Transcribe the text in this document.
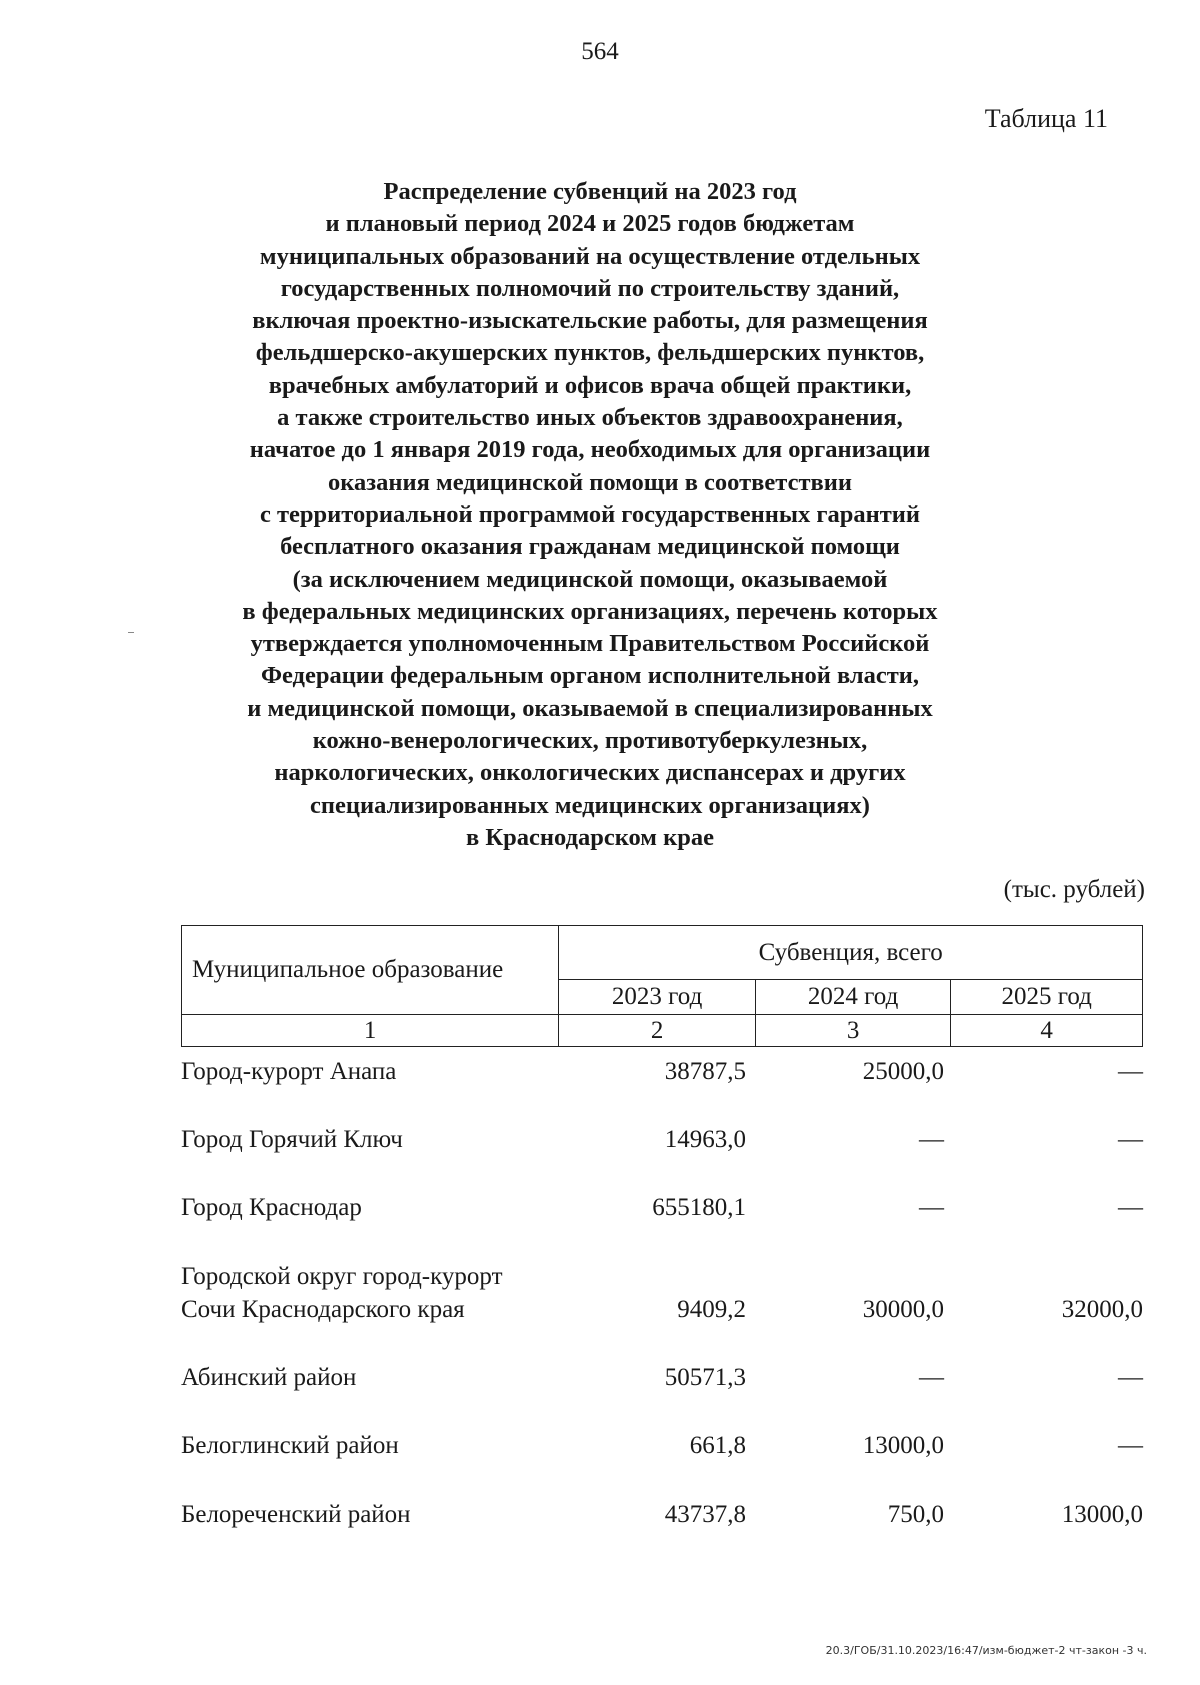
564
Таблица 11
Распределение субвенций на 2023 год
и плановый период 2024 и 2025 годов бюджетам
муниципальных образований на осуществление отдельных
государственных полномочий по строительству зданий,
включая проектно-изыскательские работы, для размещения
фельдшерско-акушерских пунктов, фельдшерских пунктов,
врачебных амбулаторий и офисов врача общей практики,
а также строительство иных объектов здравоохранения,
начатое до 1 января 2019 года, необходимых для организации
оказания медицинской помощи в соответствии
с территориальной программой государственных гарантий
бесплатного оказания гражданам медицинской помощи
(за исключением медицинской помощи, оказываемой
в федеральных медицинских организациях, перечень которых
утверждается уполномоченным Правительством Российской
Федерации федеральным органом исполнительной власти,
и медицинской помощи, оказываемой в специализированных
кожно-венерологических, противотуберкулезных,
наркологических, онкологических диспансерах и других
специализированных медицинских организациях)
в Краснодарском крае
(тыс. рублей)
Муниципальное образование	Субвенция, всего		
	2023 год	2024 год	2025 год
1	2	3	4
Город-курорт Анапа	38787,5	25000,0	—
Город Горячий Ключ	14963,0	—	—
Город Краснодар	655180,1	—	—
Городской округ город-курорт
Сочи Краснодарского края	9409,2	30000,0	32000,0
Абинский район	50571,3	—	—
Белоглинский район	661,8	13000,0	—
Белореченский район	43737,8	750,0	13000,0
20.3/ГОБ/31.10.2023/16:47/изм-бюджет-2 чт-закон -3 ч.
